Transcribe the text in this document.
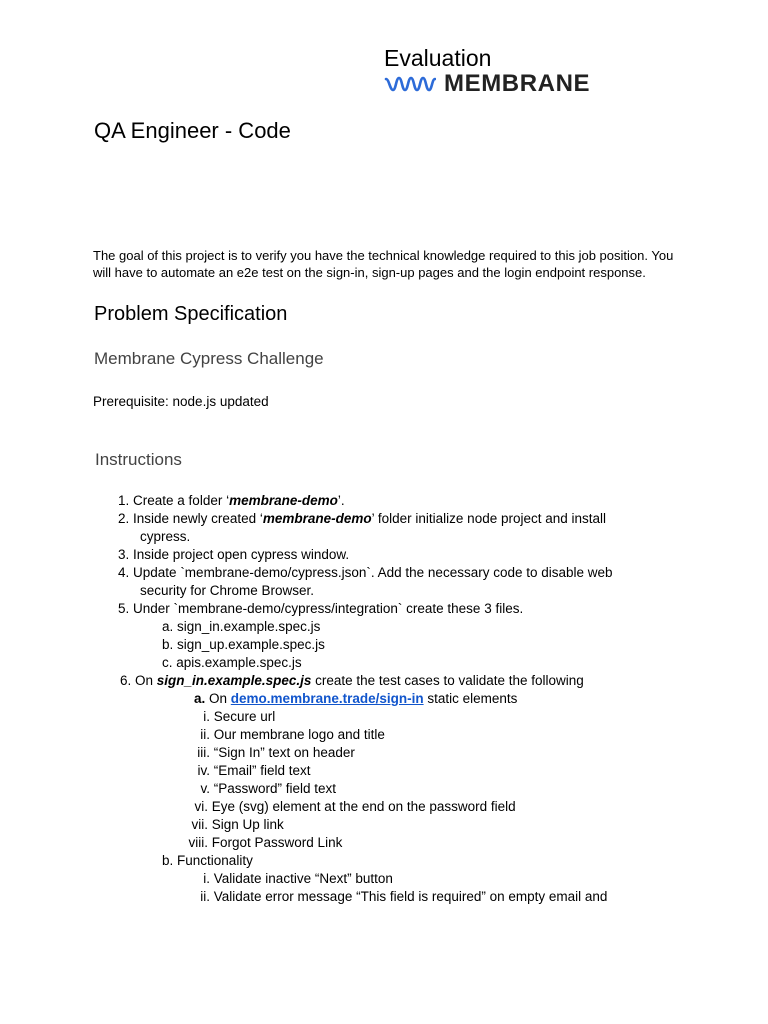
Evaluation
MEMBRANE
QA Engineer - Code
The goal of this project is to verify you have the technical knowledge required to this job position. You
will have to automate an e2e test on the sign-in, sign-up pages and the login endpoint response.
Problem Specification
Membrane Cypress Challenge
Prerequisite: node.js updated
Instructions
1. Create a folder ‘membrane-demo’.
2. Inside newly created ‘membrane-demo’ folder initialize node project and install
cypress.
3. Inside project open cypress window.
4. Update `membrane-demo/cypress.json`. Add the necessary code to disable web
security for Chrome Browser.
5. Under `membrane-demo/cypress/integration` create these 3 files.
a. sign_in.example.spec.js
b. sign_up.example.spec.js
c. apis.example.spec.js
6. On sign_in.example.spec.js create the test cases to validate the following
a. On demo.membrane.trade/sign-in static elements
i. Secure url
ii. Our membrane logo and title
iii. “Sign In” text on header
iv. “Email” field text
v. “Password” field text
vi. Eye (svg) element at the end on the password field
vii. Sign Up link
viii. Forgot Password Link
b. Functionality
i. Validate inactive “Next” button
ii. Validate error message “This field is required” on empty email and
